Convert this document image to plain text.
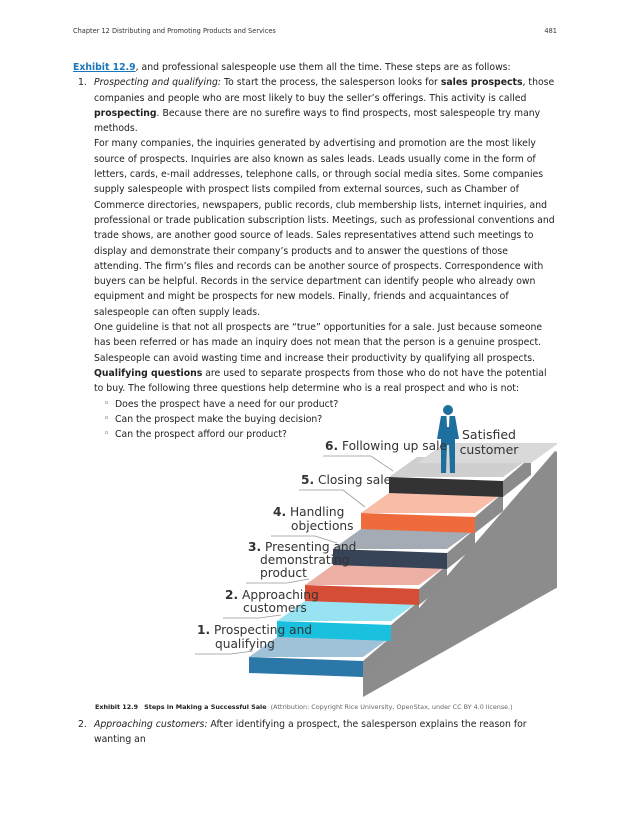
Chapter 12 Distributing and Promoting Products and Services	481

Exhibit 12.9, and professional salespeople use them all the time. These steps are as follows:

1. Prospecting and qualifying: To start the process, the salesperson looks for sales prospects, those companies and people who are most likely to buy the seller’s offerings. This activity is called prospecting. Because there are no surefire ways to find prospects, most salespeople try many methods.

For many companies, the inquiries generated by advertising and promotion are the most likely source of prospects. Inquiries are also known as sales leads. Leads usually come in the form of letters, cards, e-mail addresses, telephone calls, or through social media sites. Some companies supply salespeople with prospect lists compiled from external sources, such as Chamber of Commerce directories, newspapers, public records, club membership lists, internet inquiries, and professional or trade publication subscription lists. Meetings, such as professional conventions and trade shows, are another good source of leads. Sales representatives attend such meetings to display and demonstrate their company’s products and to answer the questions of those attending. The firm’s files and records can be another source of prospects. Correspondence with buyers can be helpful. Records in the service department can identify people who already own equipment and might be prospects for new models. Finally, friends and acquaintances of salespeople can often supply leads.

One guideline is that not all prospects are “true” opportunities for a sale. Just because someone has been referred or has made an inquiry does not mean that the person is a genuine prospect. Salespeople can avoid wasting time and increase their productivity by qualifying all prospects. Qualifying questions are used to separate prospects from those who do not have the potential to buy. The following three questions help determine who is a real prospect and who is not:

◦ Does the prospect have a need for our product?
◦ Can the prospect make the buying decision?
◦ Can the prospect afford our product?	Satisfied
customer
1. Prospecting and qualifying
2. Approaching customers
3. Presenting and demonstrating product
4. Handling objections
5. Closing sale
6. Following up sale
Exhibit 12.9 Steps in Making a Successful Sale (Attribution: Copyright Rice University, OpenStax, under CC BY 4.0 license.)
2. Approaching customers: After identifying a prospect, the salesperson explains the reason for wanting an
